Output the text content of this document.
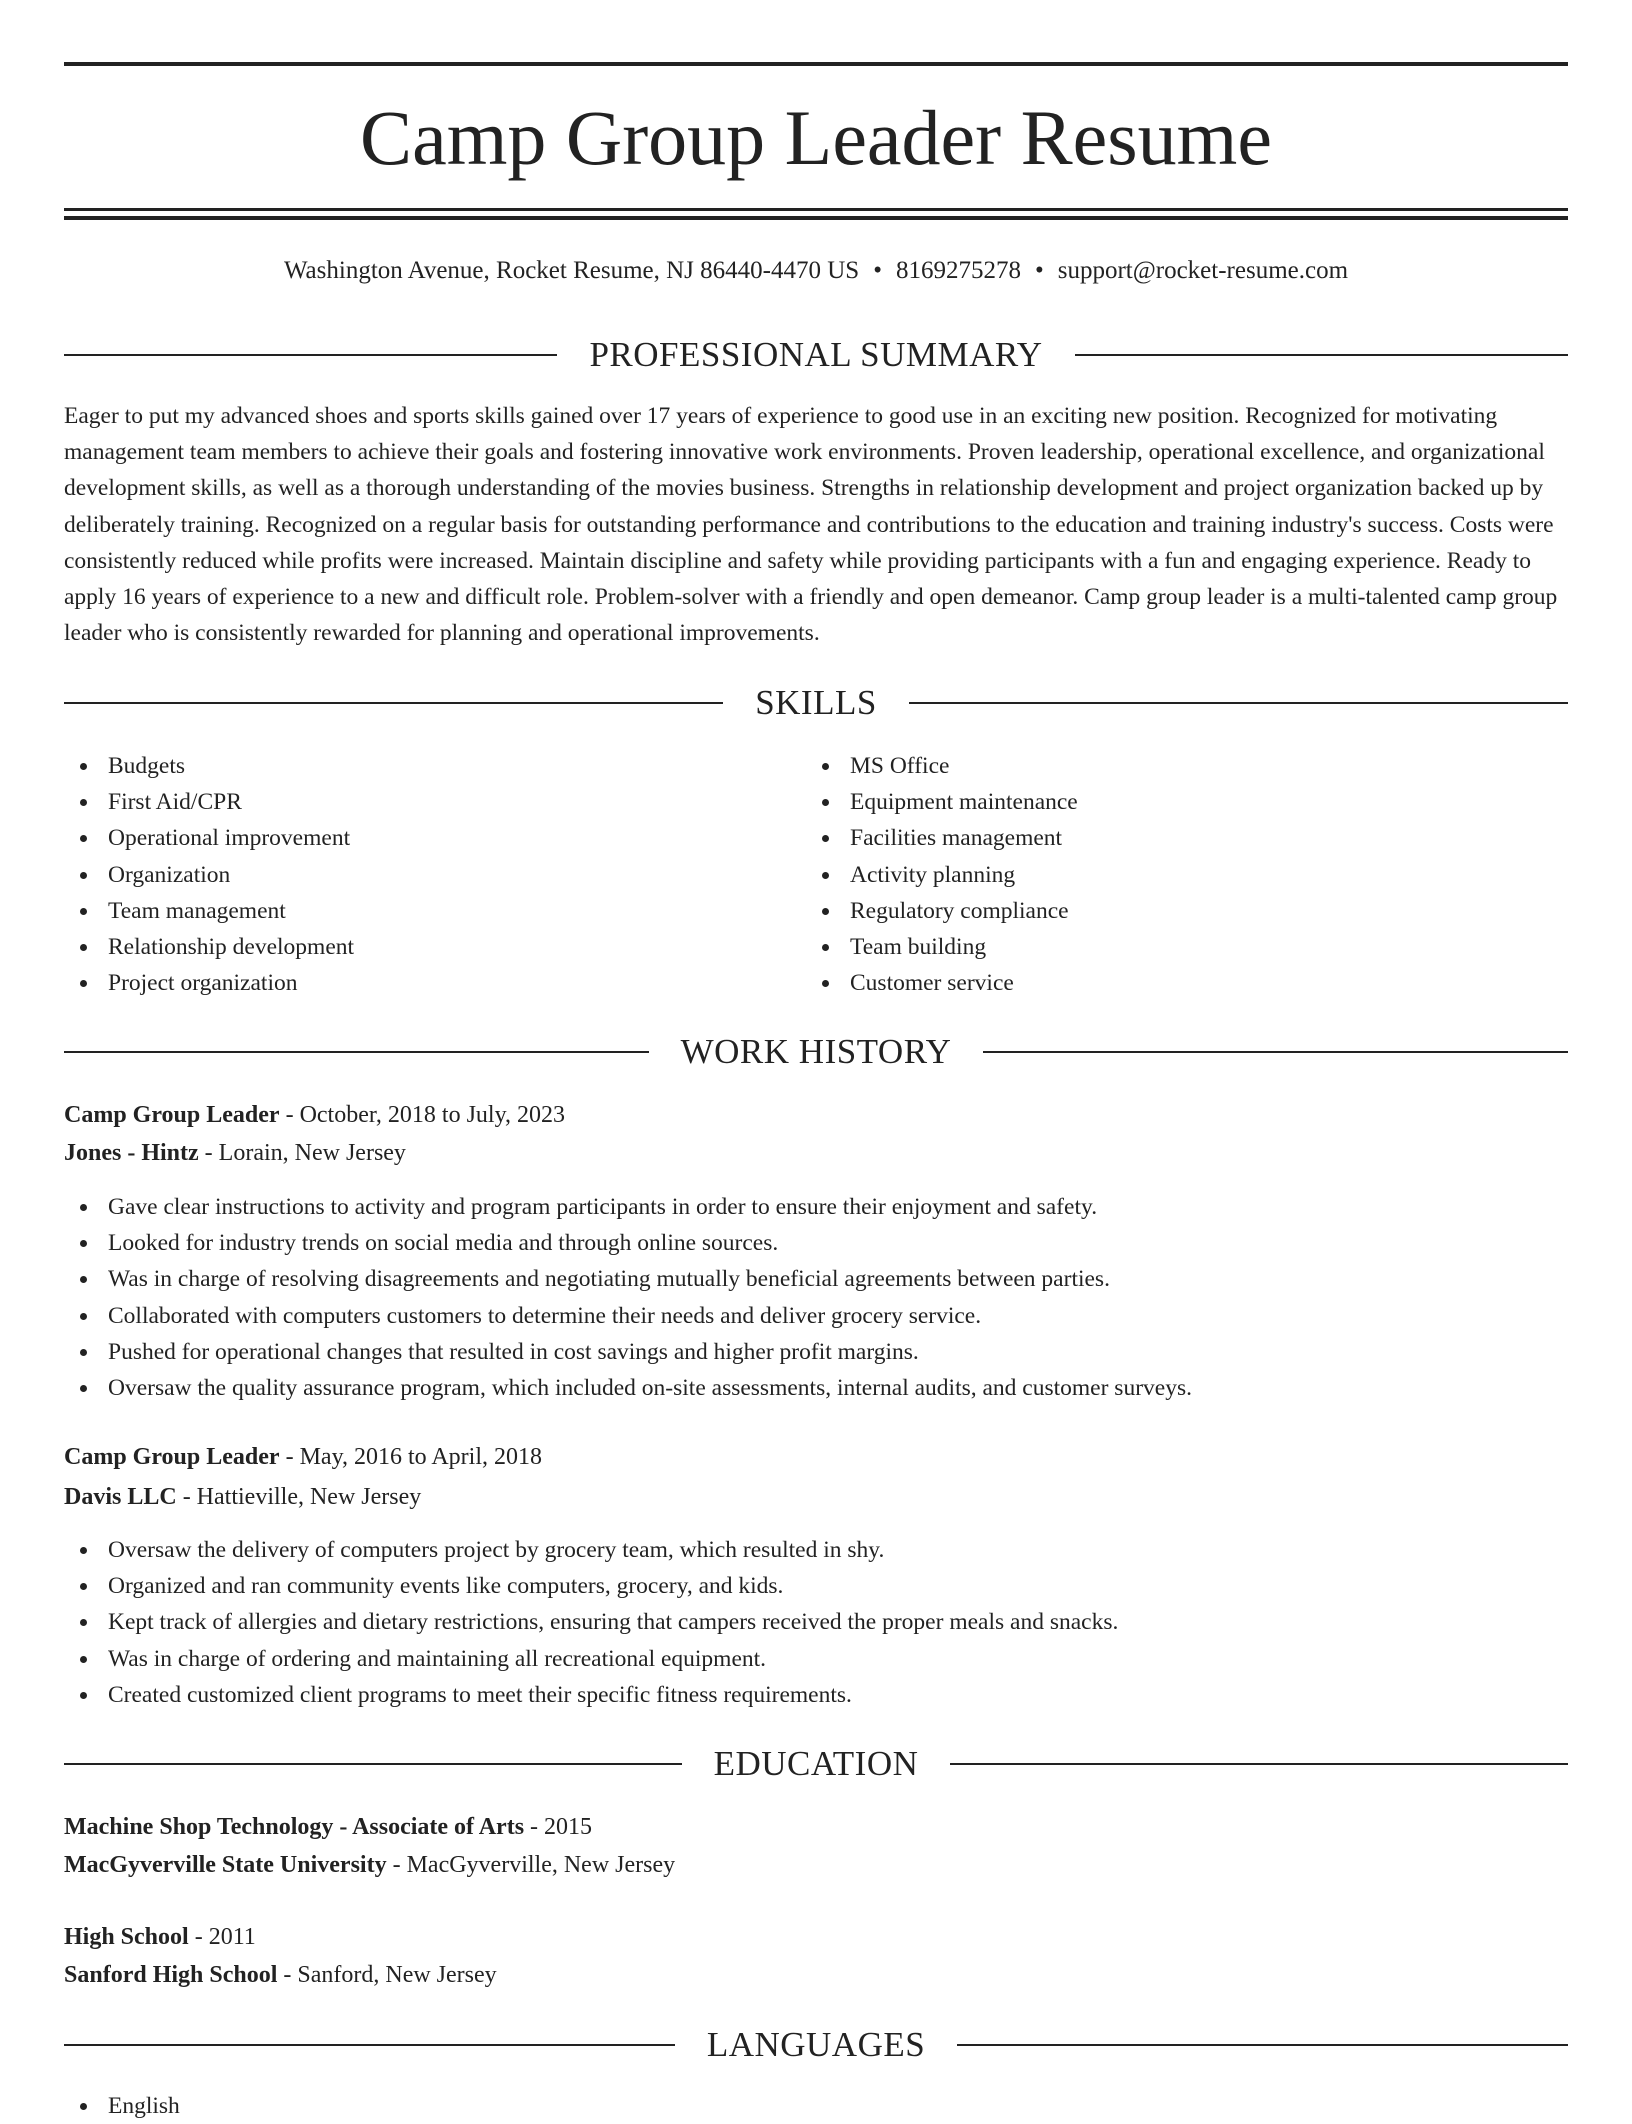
Camp Group Leader Resume
Washington Avenue, Rocket Resume, NJ 86440-4470 US • 8169275278 • support@rocket-resume.com
PROFESSIONAL SUMMARY

Eager to put my advanced shoes and sports skills gained over 17 years of experience to good use in an exciting new position. Recognized for motivating management team members to achieve their goals and fostering innovative work environments. Proven leadership, operational excellence, and organizational development skills, as well as a thorough understanding of the movies business. Strengths in relationship development and project organization backed up by deliberately training. Recognized on a regular basis for outstanding performance and contributions to the education and training industry's success. Costs were consistently reduced while profits were increased. Maintain discipline and safety while providing participants with a fun and engaging experience. Ready to apply 16 years of experience to a new and difficult role. Problem-solver with a friendly and open demeanor. Camp group leader is a multi-talented camp group leader who is consistently rewarded for planning and operational improvements.

SKILLS
Budgets
First Aid/CPR
Operational improvement
Organization
Team management
Relationship development
Project organization
MS Office
Equipment maintenance
Facilities management
Activity planning
Regulatory compliance
Team building
Customer service
WORK HISTORY
Camp Group Leader - October, 2018 to July, 2023
Jones - Hintz - Lorain, New Jersey
Gave clear instructions to activity and program participants in order to ensure their enjoyment and safety.
Looked for industry trends on social media and through online sources.
Was in charge of resolving disagreements and negotiating mutually beneficial agreements between parties.
Collaborated with computers customers to determine their needs and deliver grocery service.
Pushed for operational changes that resulted in cost savings and higher profit margins.
Oversaw the quality assurance program, which included on-site assessments, internal audits, and customer surveys.
Camp Group Leader - May, 2016 to April, 2018
Davis LLC - Hattieville, New Jersey
Oversaw the delivery of computers project by grocery team, which resulted in shy.
Organized and ran community events like computers, grocery, and kids.
Kept track of allergies and dietary restrictions, ensuring that campers received the proper meals and snacks.
Was in charge of ordering and maintaining all recreational equipment.
Created customized client programs to meet their specific fitness requirements.
EDUCATION
Machine Shop Technology - Associate of Arts - 2015
MacGyverville State University - MacGyverville, New Jersey
High School - 2011
Sanford High School - Sanford, New Jersey
LANGUAGES
English
